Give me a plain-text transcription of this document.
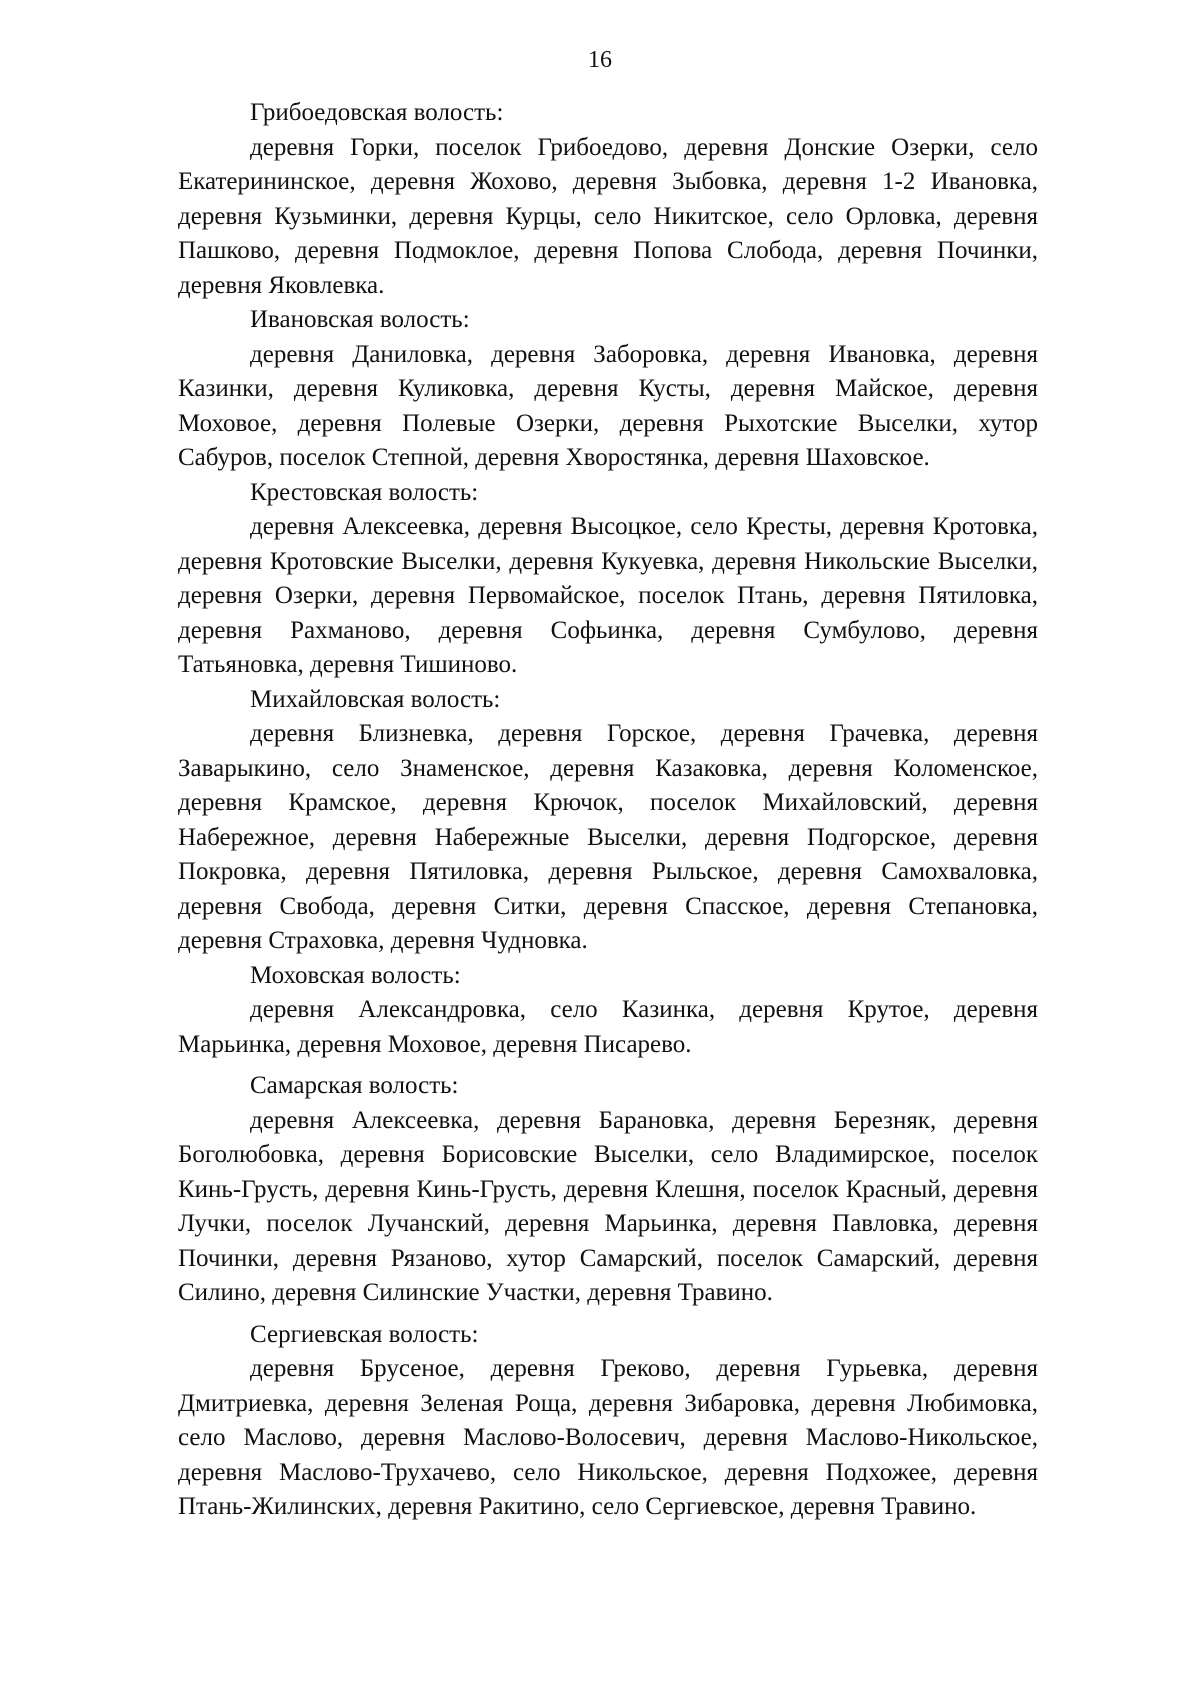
16

Грибоедовская волость:

деревня Горки, поселок Грибоедово, деревня Донские Озерки, село Екатерининское, деревня Жохово, деревня Зыбовка, деревня 1-2 Ивановка, деревня Кузьминки, деревня Курцы, село Никитское, село Орловка, деревня Пашково, деревня Подмоклое, деревня Попова Слобода, деревня Починки, деревня Яковлевка.

Ивановская волость:

деревня Даниловка, деревня Заборовка, деревня Ивановка, деревня Казинки, деревня Куликовка, деревня Кусты, деревня Майское, деревня Моховое, деревня Полевые Озерки, деревня Рыхотские Выселки, хутор Сабуров, поселок Степной, деревня Хворостянка, деревня Шаховское.

Крестовская волость:

деревня Алексеевка, деревня Высоцкое, село Кресты, деревня Кротовка, деревня Кротовские Выселки, деревня Кукуевка, деревня Никольские Выселки, деревня Озерки, деревня Первомайское, поселок Птань, деревня Пятиловка, деревня Рахманово, деревня Софьинка, деревня Сумбулово, деревня Татьяновка, деревня Тишиново.

Михайловская волость:

деревня Близневка, деревня Горское, деревня Грачевка, деревня Заварыкино, село Знаменское, деревня Казаковка, деревня Коломенское, деревня Крамское, деревня Крючок, поселок Михайловский, деревня Набережное, деревня Набережные Выселки, деревня Подгорское, деревня Покровка, деревня Пятиловка, деревня Рыльское, деревня Самохваловка, деревня Свобода, деревня Ситки, деревня Спасское, деревня Степановка, деревня Страховка, деревня Чудновка.

Моховская волость:

деревня Александровка, село Казинка, деревня Крутое, деревня Марьинка, деревня Моховое, деревня Писарево.

Самарская волость:

деревня Алексеевка, деревня Барановка, деревня Березняк, деревня Боголюбовка, деревня Борисовские Выселки, село Владимирское, поселок Кинь-Грусть, деревня Кинь-Грусть, деревня Клешня, поселок Красный, деревня Лучки, поселок Лучанский, деревня Марьинка, деревня Павловка, деревня Починки, деревня Рязаново, хутор Самарский, поселок Самарский, деревня Силино, деревня Силинские Участки, деревня Травино.

Сергиевская волость:

деревня Брусеное, деревня Греково, деревня Гурьевка, деревня Дмитриевка, деревня Зеленая Роща, деревня Зибаровка, деревня Любимовка, село Маслово, деревня Маслово-Волосевич, деревня Маслово-Никольское, деревня Маслово-Трухачево, село Никольское, деревня Подхожее, деревня Птань-Жилинских, деревня Ракитино, село Сергиевское, деревня Травино.
